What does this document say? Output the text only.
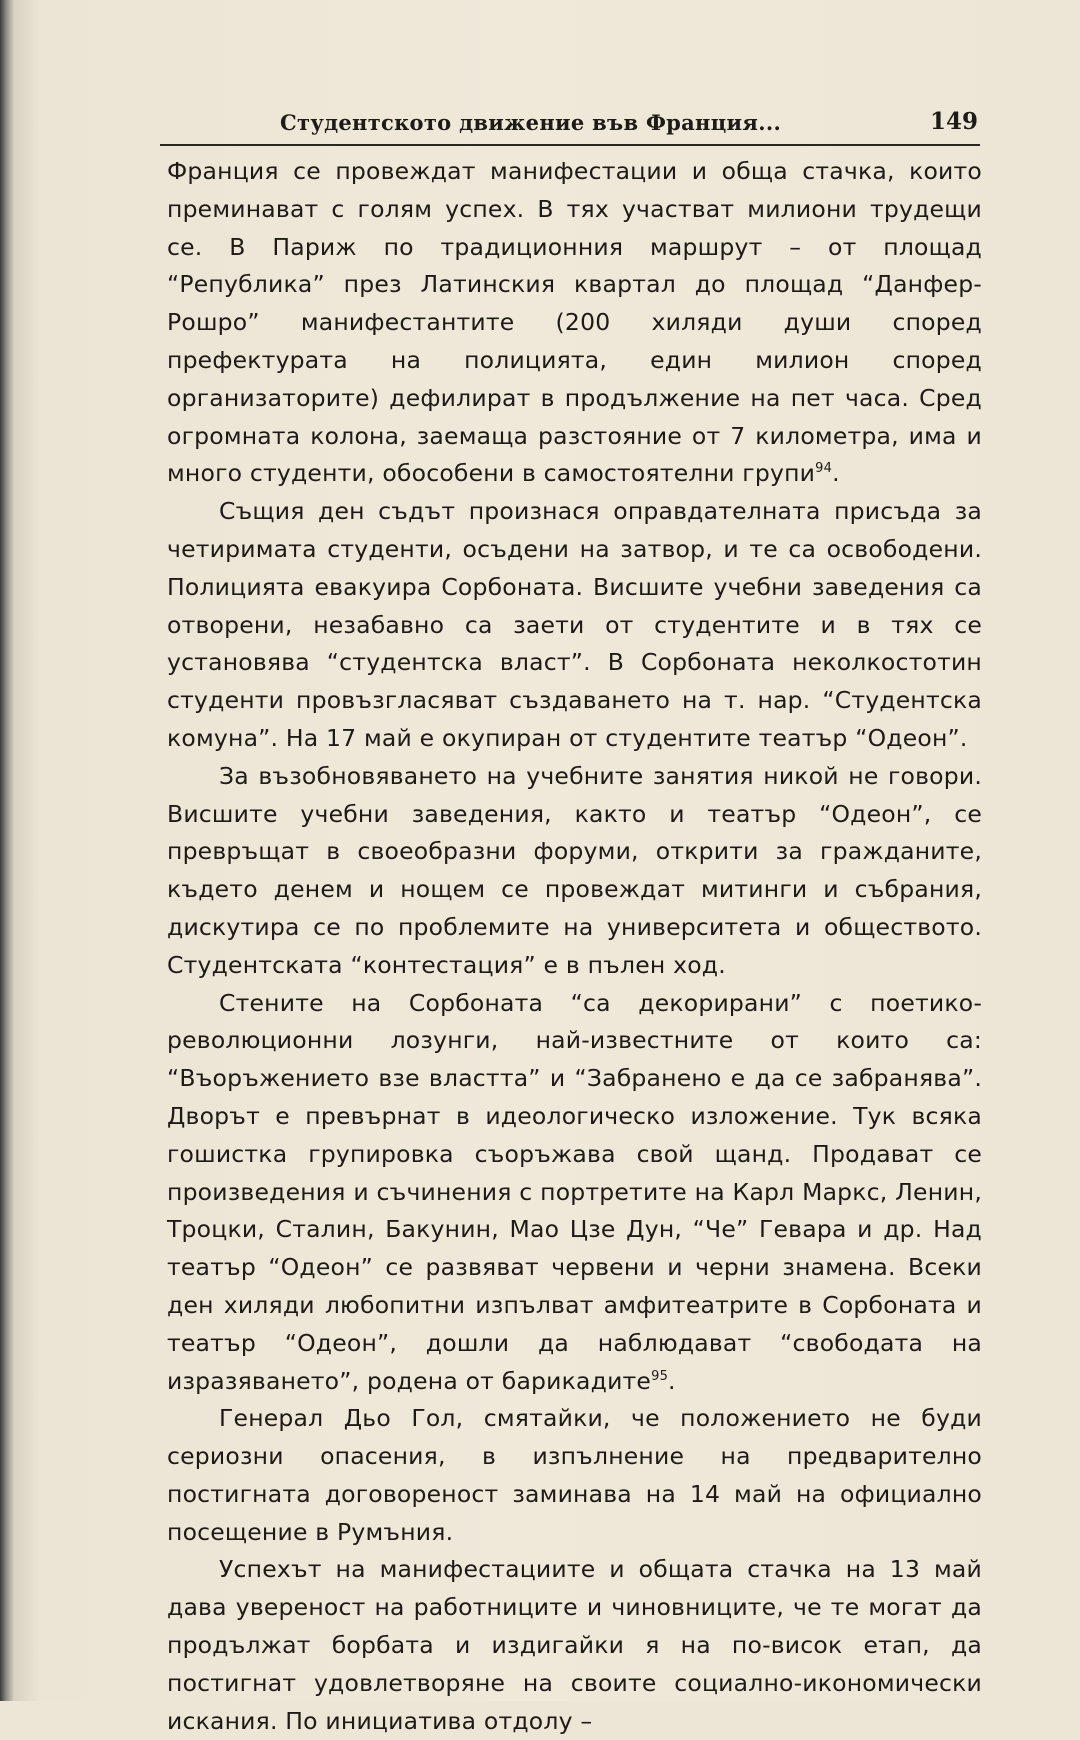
Студентското движение във Франция...	149

Франция се провеждат манифестации и обща стачка, които преминават с голям успех. В тях участват милиони трудещи се. В Париж по традиционния маршрут – от площад “Република” през Латинския квартал до площад “Данфер-Рошро” манифестантите (200 хиляди души според префектурата на полицията, един милион според организаторите) дефилират в продължение на пет часа. Сред огромната колона, заемаща разстояние от 7 километра, има и много студенти, обособени в самостоятелни групи$^{94}$.

Същия ден съдът произнася оправдателната присъда за четиримата студенти, осъдени на затвор, и те са освободени. Полицията евакуира Сорбоната. Висшите учебни заведения са отворени, незабавно са заети от студентите и в тях се установява “студентска власт”. В Сорбоната неколкостотин студенти провъзгласяват създаването на т. нар. “Студентска комуна”. На 17 май е окупиран от студентите театър “Одеон”.

За възобновяването на учебните занятия никой не говори. Висшите учебни заведения, както и театър “Одеон”, се превръщат в своеобразни форуми, открити за гражданите, където денем и нощем се провеждат митинги и събрания, дискутира се по проблемите на университета и обществото. Студентската “контестация” е в пълен ход.

Стените на Сорбоната “са декорирани” с поетико-революционни лозунги, най-известните от които са: “Въоръжението взе властта” и “Забранено е да се забранява”. Дворът е превърнат в идеологическо изложение. Тук всяка гошистка групировка съоръжава свой щанд. Продават се произведения и съчинения с портретите на Карл Маркс, Ленин, Троцки, Сталин, Бакунин, Мао Цзе Дун, “Че” Гевара и др. Над театър “Одеон” се развяват червени и черни знамена. Всеки ден хиляди любопитни изпълват амфитеатрите в Сорбоната и театър “Одеон”, дошли да наблюдават “свободата на изразяването”, родена от барикадите$^{95}$.

Генерал Дьо Гол, смятайки, че положението не буди сериозни опасения, в изпълнение на предварително постигната договореност заминава на 14 май на официално посещение в Румъния.

Успехът на манифестациите и общата стачка на 13 май дава увереност на работниците и чиновниците, че те могат да продължат борбата и издигайки я на по-висок етап, да постигнат удовлетворяне на своите социално-икономически искания. По инициатива отдолу –
